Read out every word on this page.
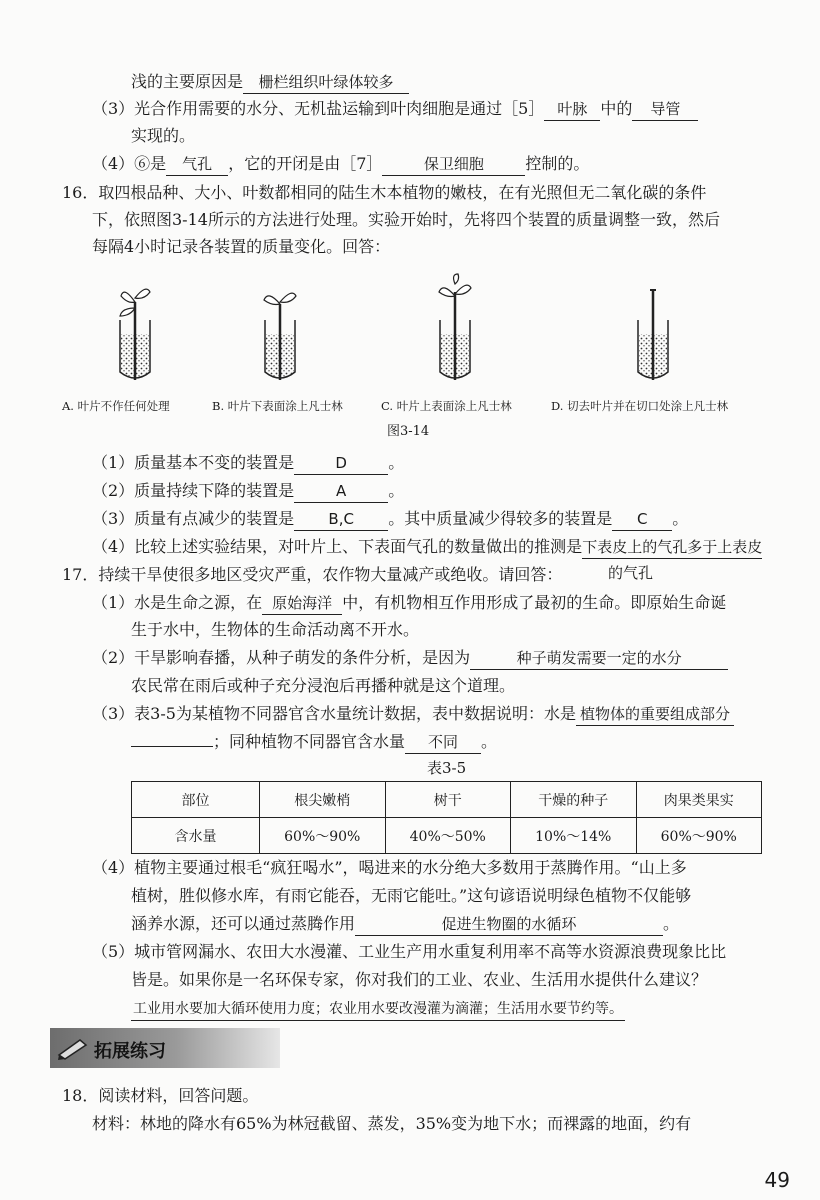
浅的主要原因是 栅栏组织叶绿体较多
（3）光合作用需要的水分、无机盐运输到叶肉细胞是通过［5］ 叶脉 中的 导管
实现的。
（4）⑥是 气孔 ，它的开闭是由［7］	保卫细胞	控制的。
16．取四根品种、大小、叶数都相同的陆生木本植物的嫩枝，在有光照但无二氧化碳的条件
下，依照图3-14所示的方法进行处理。实验开始时，先将四个装置的质量调整一致，然后
每隔4小时记录各装置的质量变化。回答：
A. 叶片不作任何处理	B. 叶片下表面涂上凡士林	C. 叶片上表面涂上凡士林	D. 切去叶片并在切口处涂上凡士林
图3-14
（1）质量基本不变的装置是	D	。
（2）质量持续下降的装置是	A	。
（3）质量有点减少的装置是 B,C 。其中质量减少得较多的装置是 C 。
（4）比较上述实验结果，对叶片上、下表面气孔的数量做出的推测是下表皮上的气孔多于上表皮
17．持续干旱使很多地区受灾严重，农作物大量减产或绝收。请回答：	的气孔
（1）水是生命之源，在 原始海洋 中，有机物相互作用形成了最初的生命。即原始生命诞
生于水中，生物体的生命活动离不开水。
（2）干旱影响春播，从种子萌发的条件分析，是因为	种子萌发需要一定的水分
农民常在雨后或种子充分浸泡后再播种就是这个道理。
（3）表3-5为某植物不同器官含水量统计数据，表中数据说明：水是 植物体的重要组成部分
；同种植物不同器官含水量 不同 。
表3-5
部位	根尖嫩梢	树干	干燥的种子	肉果类果实
含水量	60%～90%	40%～50%	10%～14%	60%～90%
（4）植物主要通过根毛“疯狂喝水”，喝进来的水分绝大多数用于蒸腾作用。“山上多
植树，胜似修水库，有雨它能吞，无雨它能吐。”这句谚语说明绿色植物不仅能够
涵养水源，还可以通过蒸腾作用	促进生物圈的水循环	。
（5）城市管网漏水、农田大水漫灌、工业生产用水重复利用率不高等水资源浪费现象比比
皆是。如果你是一名环保专家，你对我们的工业、农业、生活用水提供什么建议？
工业用水要加大循环使用力度；农业用水要改漫灌为滴灌；生活用水要节约等。
拓展练习
18．阅读材料，回答问题。
材料：林地的降水有65%为林冠截留、蒸发，35%变为地下水；而裸露的地面，约有
49
